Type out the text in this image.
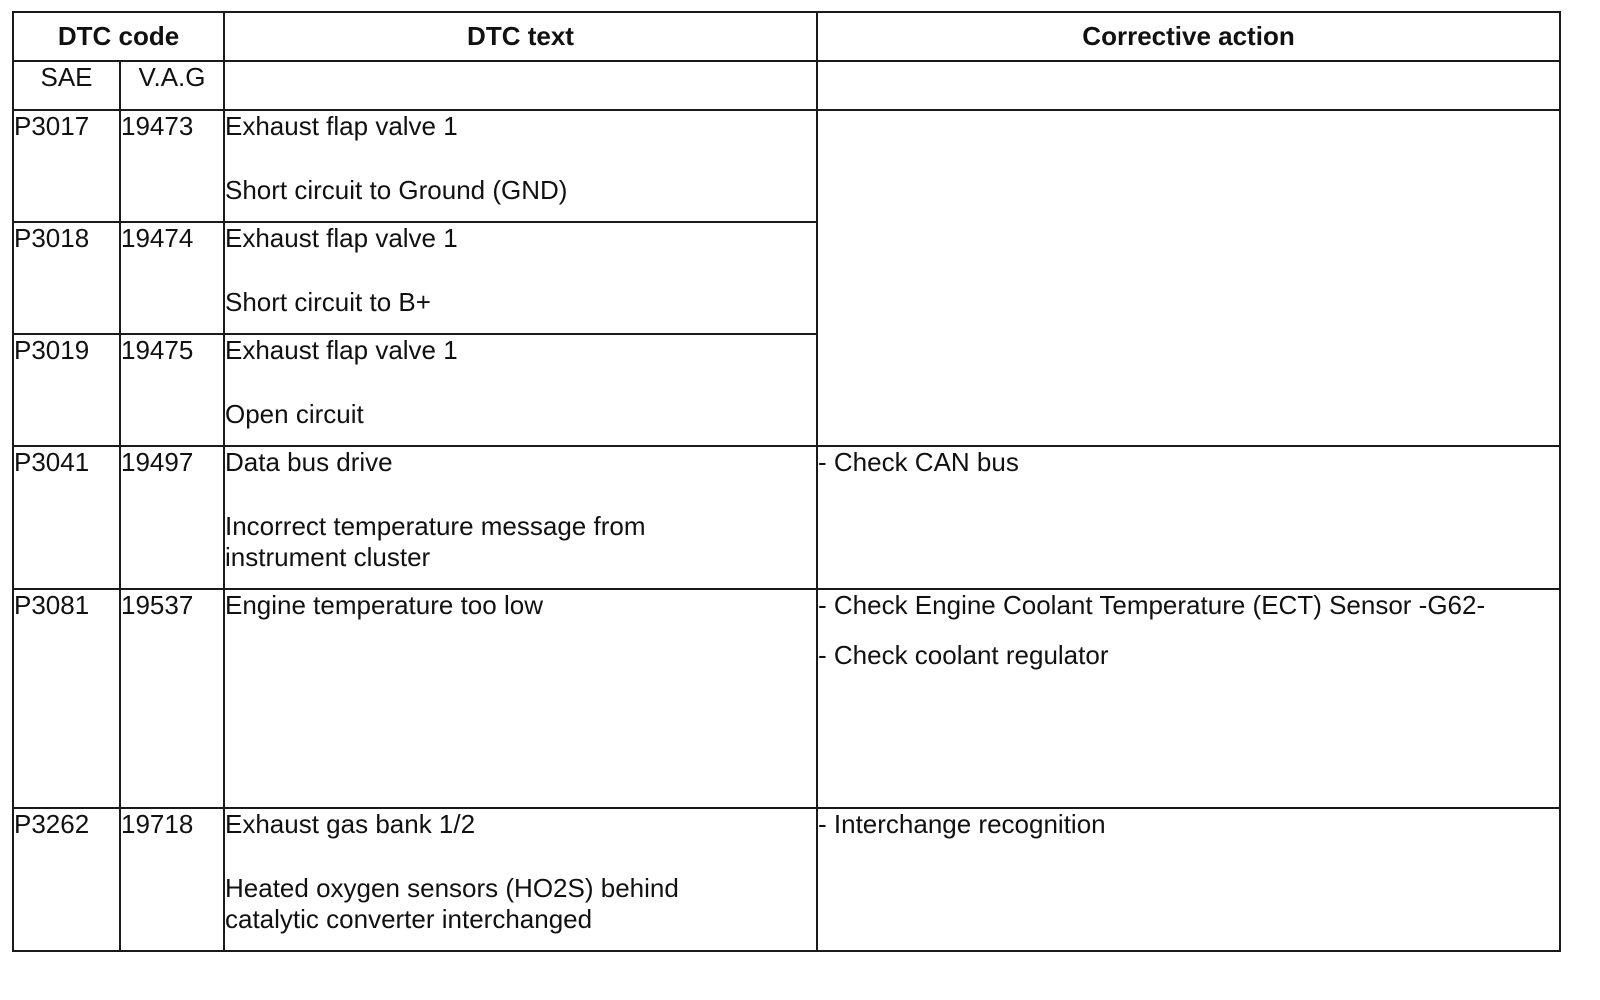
DTC code		DTC text	Corrective action
SAE	V.A.G		
P3017	19473	Exhaust flap valve 1
Short circuit to Ground (GND)	

P3018	19474	Exhaust flap valve 1
Short circuit to B+	

P3019	19475	Exhaust flap valve 1
Open circuit	

P3041	19497	Data bus drive
Incorrect temperature message from instrument cluster	- Check CAN bus

P3081	19537	Engine temperature too low	- Check Engine Coolant Temperature (ECT) Sensor -G62-

- Check coolant regulator

P3262	19718	Exhaust gas bank 1/2
Heated oxygen sensors (HO2S) behind catalytic converter interchanged	- Interchange recognition
